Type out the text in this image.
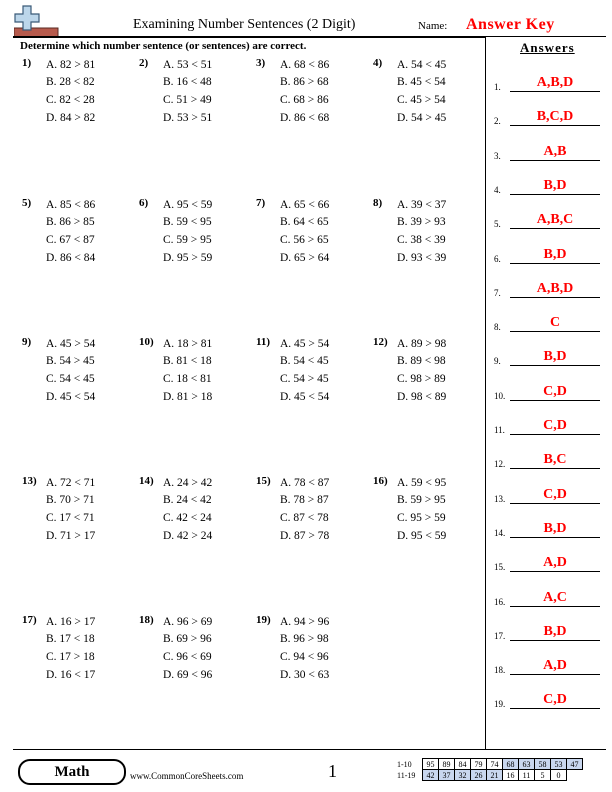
Examining Number Sentences (2 Digit)	Name: Answer Key
Determine which number sentence (or sentences) are correct.
1) A. 82 > 81
B. 28 < 82
C. 82 < 28
D. 84 > 82
2) A. 53 < 51
B. 16 < 48
C. 51 > 49
D. 53 > 51
3) A. 68 < 86
B. 86 > 68
C. 68 > 86
D. 86 < 68
4) A. 54 < 45
B. 45 < 54
C. 45 > 54
D. 54 > 45
5) A. 85 < 86
B. 86 > 85
C. 67 < 87
D. 86 < 84
6) A. 95 < 59
B. 59 < 95
C. 59 > 95
D. 95 > 59
7) A. 65 < 66
B. 64 < 65
C. 56 > 65
D. 65 > 64
8) A. 39 < 37
B. 39 > 93
C. 38 < 39
D. 93 < 39
9) A. 45 > 54
B. 54 > 45
C. 54 < 45
D. 45 < 54
10) A. 18 > 81
B. 81 < 18
C. 18 < 81
D. 81 > 18
11) A. 45 > 54
B. 54 < 45
C. 54 > 45
D. 45 < 54
12) A. 89 > 98
B. 89 < 98
C. 98 > 89
D. 98 < 89
13) A. 72 < 71
B. 70 > 71
C. 17 < 71
D. 71 > 17
14) A. 24 > 42
B. 24 < 42
C. 42 < 24
D. 42 > 24
15) A. 78 < 87
B. 78 > 87
C. 87 < 78
D. 87 > 78
16) A. 59 < 95
B. 59 > 95
C. 95 > 59
D. 95 < 59
17) A. 16 > 17
B. 17 < 18
C. 17 > 18
D. 16 < 17
18) A. 96 > 69
B. 69 > 96
C. 96 < 69
D. 69 < 96
19) A. 94 > 96
B. 96 > 98
C. 94 < 96
D. 30 < 63
Answers
1.	A,B,D
2.	B,C,D
3.	A,B
4.	B,D
5.	A,B,C
6.	B,D
7.	A,B,D
8.	C
9.	B,D
10.	C,D
11.	C,D
12.	B,C
13.	C,D
14.	B,D
15.	A,D
16.	A,C
17.	B,D
18.	A,D
19.	C,D
Math	www.CommonCoreSheets.com	1	1-10	95	89	84	79	74	68	63	58	53	47
11-19	42	37	32	26	21	16	11	5	0	
